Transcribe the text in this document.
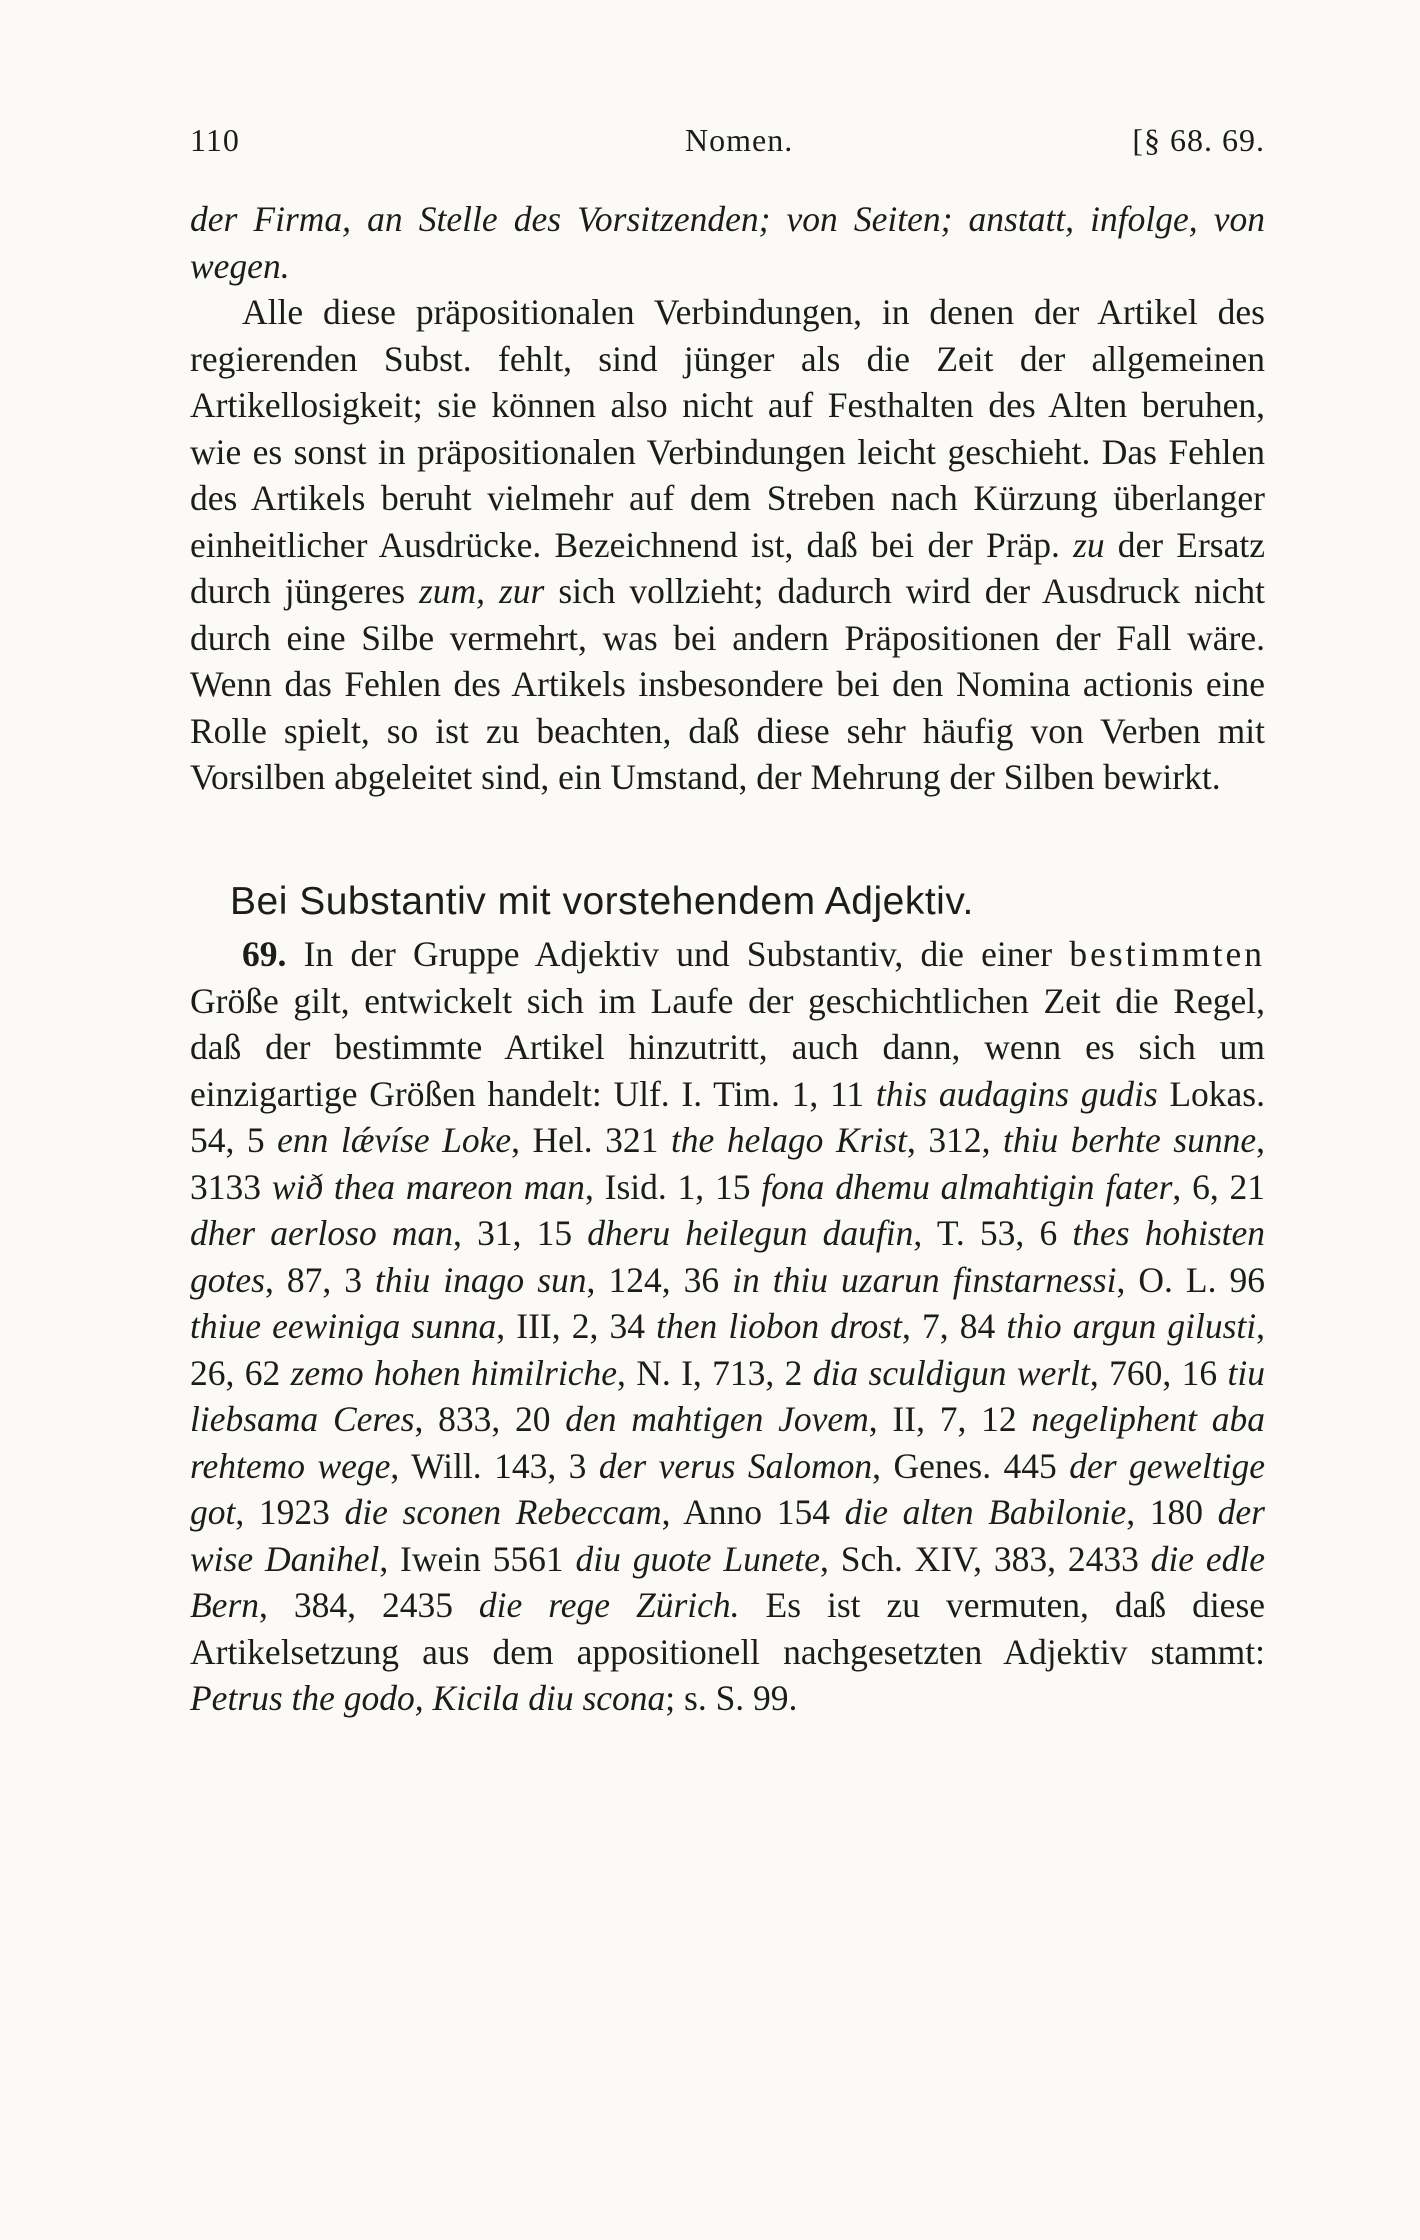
110	Nomen.	[§ 68. 69.

der Firma, an Stelle des Vorsitzenden; von Seiten; anstatt, infolge, von wegen.

Alle diese präpositionalen Verbindungen, in denen der Artikel des regierenden Subst. fehlt, sind jünger als die Zeit der allgemeinen Artikellosigkeit; sie können also nicht auf Festhalten des Alten beruhen, wie es sonst in präpositionalen Verbindungen leicht geschieht. Das Fehlen des Artikels beruht vielmehr auf dem Streben nach Kürzung überlanger einheitlicher Ausdrücke. Bezeichnend ist, daß bei der Präp. zu der Ersatz durch jüngeres zum, zur sich vollzieht; dadurch wird der Ausdruck nicht durch eine Silbe vermehrt, was bei andern Präpositionen der Fall wäre. Wenn das Fehlen des Artikels insbesondere bei den Nomina actionis eine Rolle spielt, so ist zu beachten, daß diese sehr häufig von Verben mit Vorsilben abgeleitet sind, ein Umstand, der Mehrung der Silben bewirkt.

Bei Substantiv mit vorstehendem Adjektiv.

69. In der Gruppe Adjektiv und Substantiv, die einer bestimmten Größe gilt, entwickelt sich im Laufe der geschichtlichen Zeit die Regel, daß der bestimmte Artikel hinzutritt, auch dann, wenn es sich um einzigartige Größen handelt: Ulf. I. Tim. 1, 11 this audagins gudis Lokas. 54, 5 enn lǽvíse Loke, Hel. 321 the helago Krist, 312, thiu berhte sunne, 3133 wið thea mareon man, Isid. 1, 15 fona dhemu almahtigin fater, 6, 21 dher aerloso man, 31, 15 dheru heilegun daufin, T. 53, 6 thes hohisten gotes, 87, 3 thiu inago sun, 124, 36 in thiu uzarun finstarnessi, O. L. 96 thiue eewiniga sunna, III, 2, 34 then liobon drost, 7, 84 thio argun gilusti, 26, 62 zemo hohen himilriche, N. I, 713, 2 dia sculdigun werlt, 760, 16 tiu liebsama Ceres, 833, 20 den mahtigen Jovem, II, 7, 12 negeliphent aba rehtemo wege, Will. 143, 3 der verus Salomon, Genes. 445 der geweltige got, 1923 die sconen Rebeccam, Anno 154 die alten Babilonie, 180 der wise Danihel, Iwein 5561 diu guote Lunete, Sch. XIV, 383, 2433 die edle Bern, 384, 2435 die rege Zürich. Es ist zu vermuten, daß diese Artikelsetzung aus dem appositionell nachgesetzten Adjektiv stammt: Petrus the godo, Kicila diu scona; s. S. 99.
